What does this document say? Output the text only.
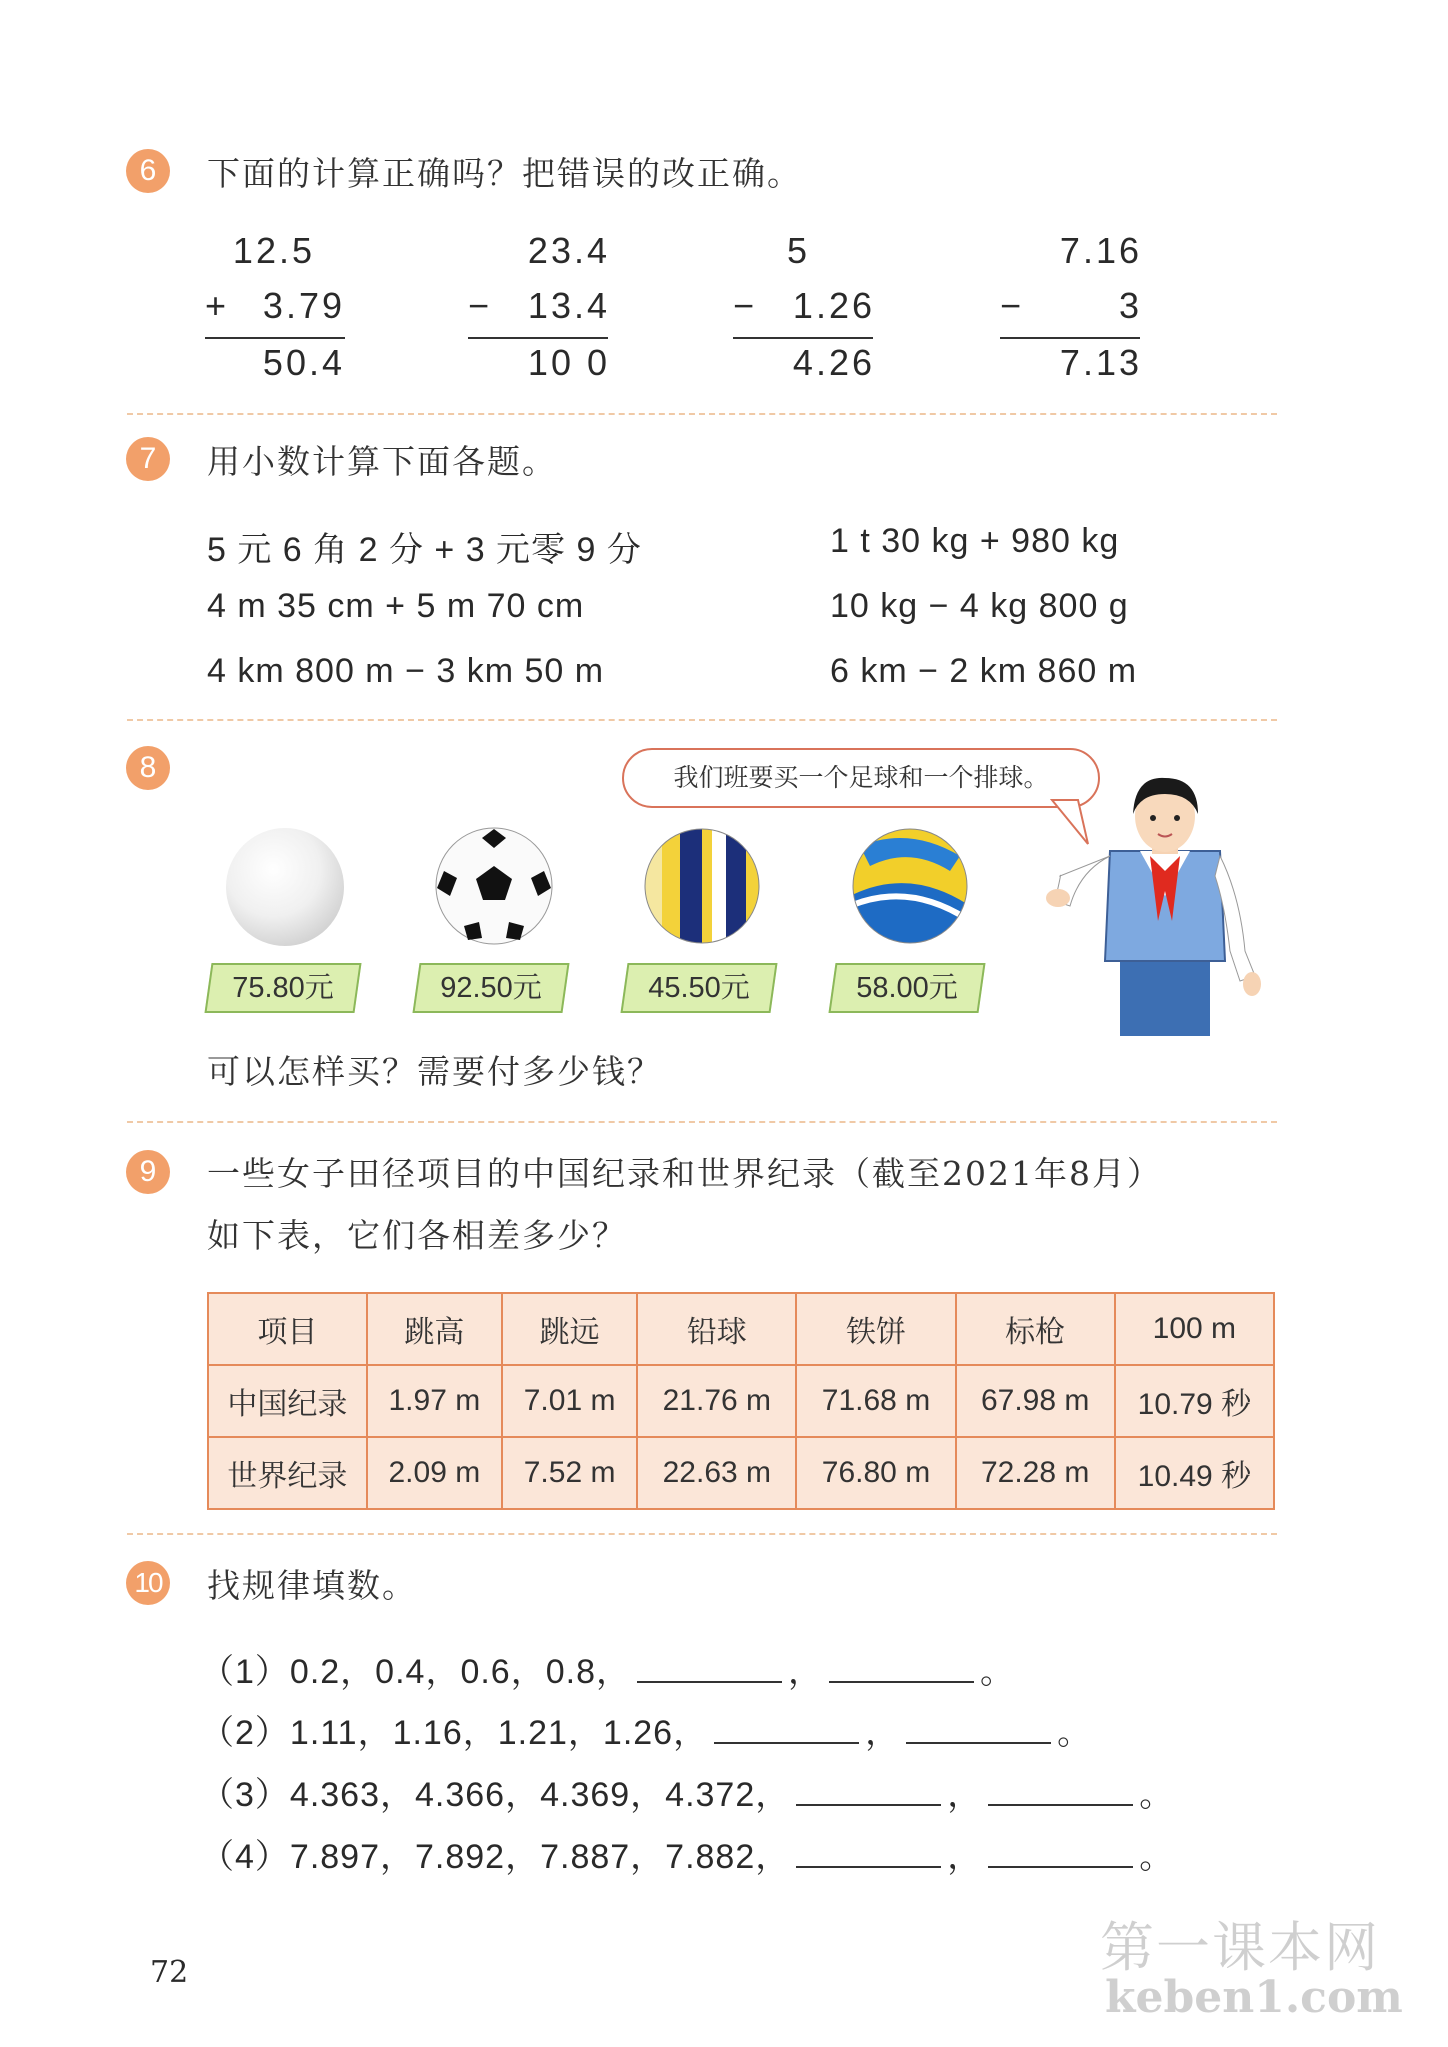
6	下面的计算正确吗？把错误的改正确。
12.5
+ 3.79
50.4
23.4
− 13.4
10 0
5
− 1.26
4.26
7.16
−	3
7.13
7	用小数计算下面各题。
5 元 6 角 2 分 + 3 元零 9 分	1 t 30 kg + 980 kg
4 m 35 cm + 5 m 70 cm	10 kg − 4 kg 800 g
4 km 800 m − 3 km 50 m	6 km − 2 km 860 m
8	我们班要买一个足球和一个排球。
75.80元	92.50元	45.50元	58.00元
可以怎样买？需要付多少钱？
9	一些女子田径项目的中国纪录和世界纪录（截至2021年8月）
如下表，它们各相差多少？
项目	跳高	跳远	铅球	铁饼	标枪	100 m
中国纪录	1.97 m	7.01 m	21.76 m	71.68 m	67.98 m	10.79 秒
世界纪录	2.09 m	7.52 m	22.63 m	76.80 m	72.28 m	10.49 秒
10 找规律填数。
（1）0.2，0.4，0.6，0.8，	，	。
（2）1.11，1.16，1.21，1.26，	，	。
（3）4.363，4.366，4.369，4.372，	，	。
（4）7.897，7.892，7.887，7.882，	，	。
72	第一课本网
keben1.com
